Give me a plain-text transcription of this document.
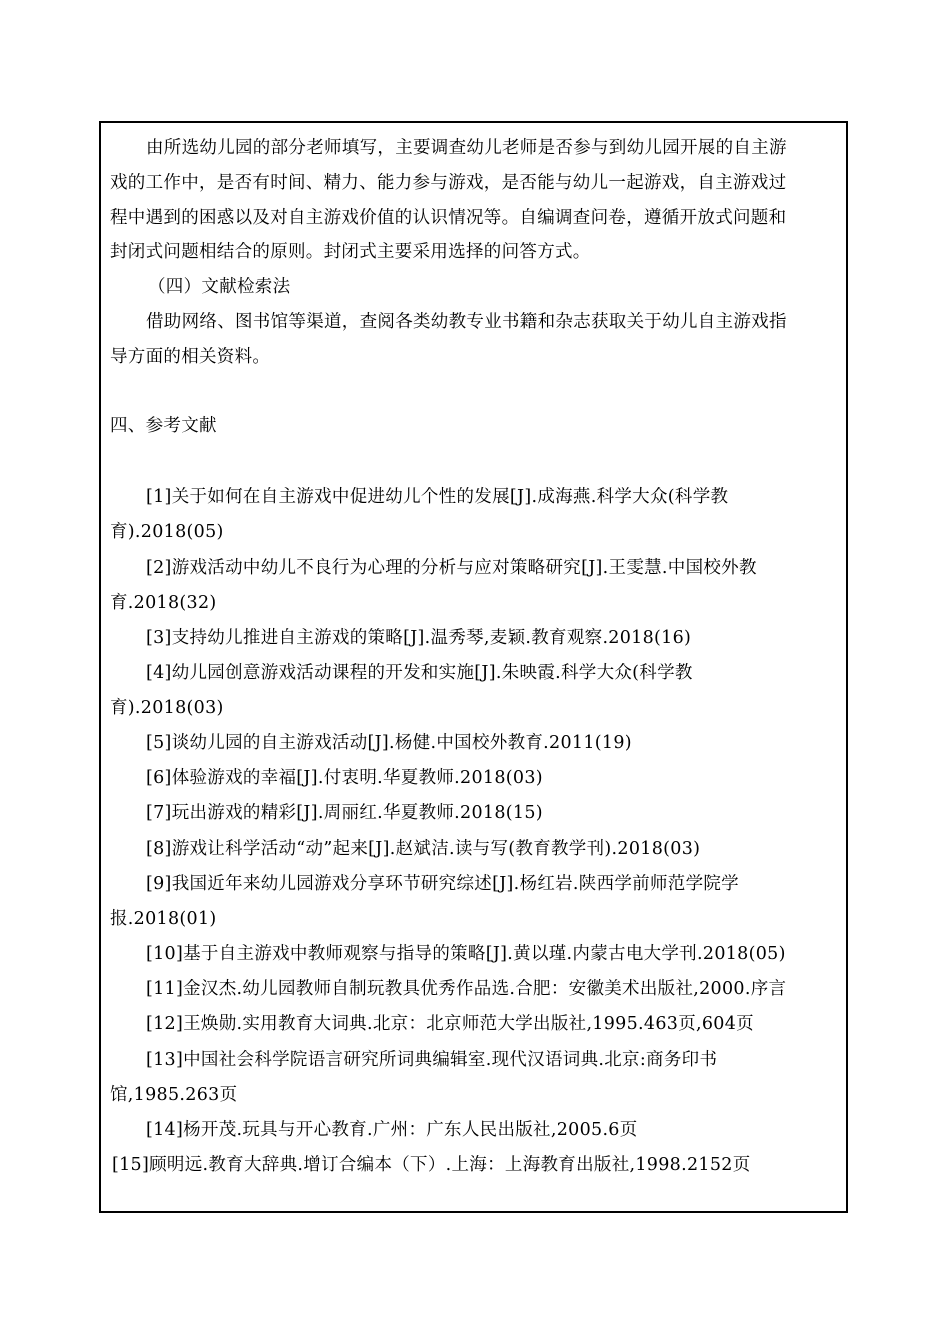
由所选幼儿园的部分老师填写，主要调查幼儿老师是否参与到幼儿园开展的自主游
戏的工作中，是否有时间、精力、能力参与游戏，是否能与幼儿一起游戏，自主游戏过
程中遇到的困惑以及对自主游戏价值的认识情况等。自编调查问卷，遵循开放式问题和
封闭式问题相结合的原则。封闭式主要采用选择的问答方式。
（四）文献检索法
借助网络、图书馆等渠道，查阅各类幼教专业书籍和杂志获取关于幼儿自主游戏指
导方面的相关资料。
四、参考文献
[1]关于如何在自主游戏中促进幼儿个性的发展[J].成海燕.科学大众(科学教
育).2018(05)
[2]游戏活动中幼儿不良行为心理的分析与应对策略研究[J].王雯慧.中国校外教
育.2018(32)
[3]支持幼儿推进自主游戏的策略[J].温秀琴,麦颖.教育观察.2018(16)
[4]幼儿园创意游戏活动课程的开发和实施[J].朱映霞.科学大众(科学教
育).2018(03)
[5]谈幼儿园的自主游戏活动[J].杨健.中国校外教育.2011(19)
[6]体验游戏的幸福[J].付衷明.华夏教师.2018(03)
[7]玩出游戏的精彩[J].周丽红.华夏教师.2018(15)
[8]游戏让科学活动“动”起来[J].赵斌洁.读与写(教育教学刊).2018(03)
[9]我国近年来幼儿园游戏分享环节研究综述[J].杨红岩.陕西学前师范学院学
报.2018(01)
[10]基于自主游戏中教师观察与指导的策略[J].黄以瑾.内蒙古电大学刊.2018(05)
[11]金汉杰.幼儿园教师自制玩教具优秀作品选.合肥：安徽美术出版社,2000.序言
[12]王焕勋.实用教育大词典.北京：北京师范大学出版社,1995.463页,604页
[13]中国社会科学院语言研究所词典编辑室.现代汉语词典.北京:商务印书
馆,1985.263页
[14]杨开茂.玩具与开心教育.广州：广东人民出版社,2005.6页
[15]顾明远.教育大辞典.增订合编本（下）.上海：上海教育出版社,1998.2152页
